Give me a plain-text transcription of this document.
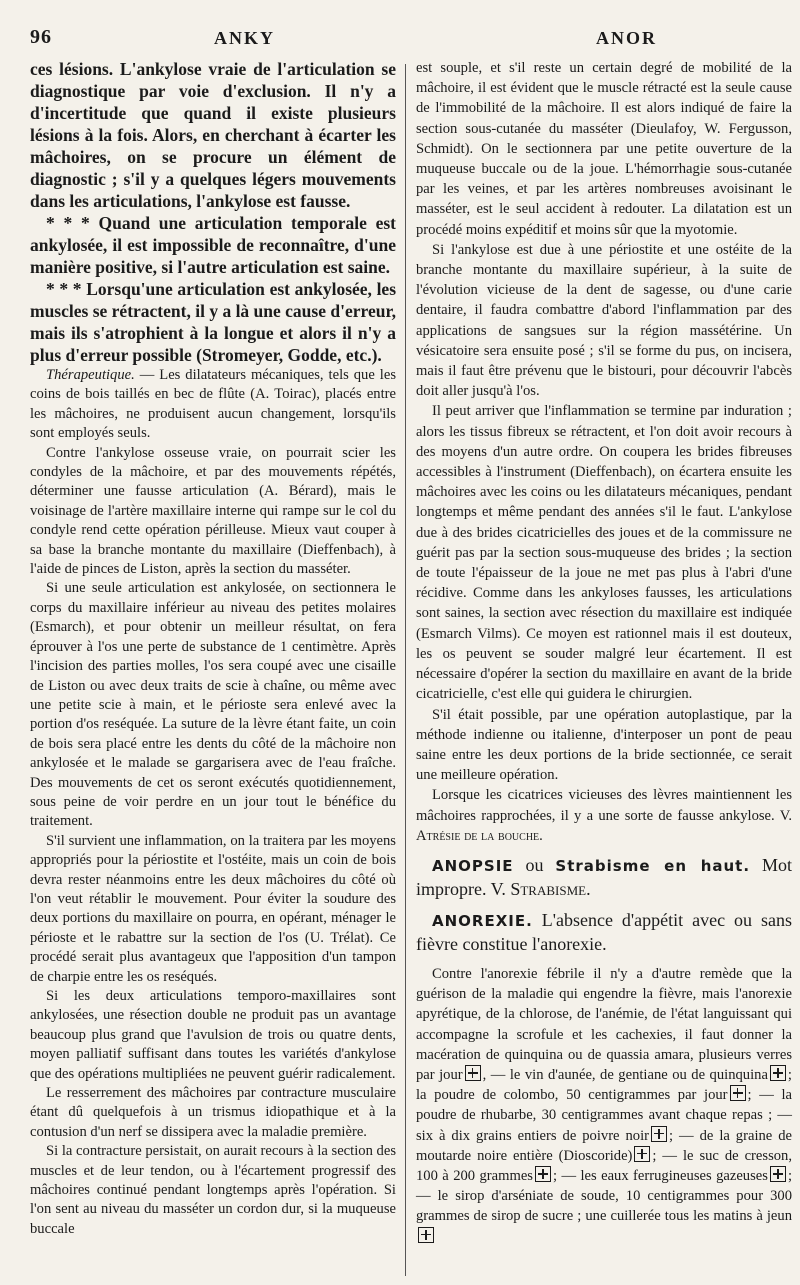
96	ANKY	ANOR

ces lésions. L'ankylose vraie de l'articulation se diagnostique par voie d'exclusion. Il n'y a d'incertitude que quand il existe plusieurs lésions à la fois. Alors, en cherchant à écarter les mâchoires, on se procure un élément de diagnostic ; s'il y a quelques légers mouvements dans les articulations, l'ankylose est fausse.

* * * Quand une articulation temporale est ankylosée, il est impossible de reconnaître, d'une manière positive, si l'autre articulation est saine.

* * * Lorsqu'une articulation est ankylosée, les muscles se rétractent, il y a là une cause d'erreur, mais ils s'atrophient à la longue et alors il n'y a plus d'erreur possible (Stromeyer, Godde, etc.).

Thérapeutique. — Les dilatateurs mécaniques, tels que les coins de bois taillés en bec de flûte (A. Toirac), placés entre les mâchoires, ne produisent aucun changement, lorsqu'ils sont employés seuls.

Contre l'ankylose osseuse vraie, on pourrait scier les condyles de la mâchoire, et par des mouvements répétés, déterminer une fausse articulation (A. Bérard), mais le voisinage de l'artère maxillaire interne qui rampe sur le col du condyle rend cette opération périlleuse. Mieux vaut couper à sa base la branche montante du maxillaire (Dieffenbach), à l'aide de pinces de Liston, après la section du masséter.

Si une seule articulation est ankylosée, on sectionnera le corps du maxillaire inférieur au niveau des petites molaires (Esmarch), et pour obtenir un meilleur résultat, on fera éprouver à l'os une perte de substance de 1 centimètre. Après l'incision des parties molles, l'os sera coupé avec une cisaille de Liston ou avec deux traits de scie à chaîne, ou même avec une petite scie à main, et le périoste sera enlevé avec la portion d'os reséquée. La suture de la lèvre étant faite, un coin de bois sera placé entre les dents du côté de la mâchoire non ankylosée et le malade se gargarisera avec de l'eau fraîche. Des mouvements de cet os seront exécutés quotidiennement, sous peine de voir perdre en un jour tout le bénéfice du traitement.

S'il survient une inflammation, on la traitera par les moyens appropriés pour la périostite et l'ostéite, mais un coin de bois devra rester néanmoins entre les deux mâchoires du côté où l'on veut rétablir le mouvement. Pour éviter la soudure des deux portions du maxillaire on pourra, en opérant, ménager le périoste et le rabattre sur la section de l'os (U. Trélat). Ce procédé serait plus avantageux que l'apposition d'un tampon de charpie entre les os reséqués.

Si les deux articulations temporo-maxillaires sont ankylosées, une résection double ne produit pas un avantage beaucoup plus grand que l'avulsion de trois ou quatre dents, moyen palliatif suffisant dans toutes les variétés d'ankylose que des opérations multipliées ne peuvent guérir radicalement.

Le resserrement des mâchoires par contracture musculaire étant dû quelquefois à un trismus idiopathique et à la contusion d'un nerf se dissipera avec la maladie première.

Si la contracture persistait, on aurait recours à la section des muscles et de leur tendon, ou à l'écartement progressif des mâchoires continué pendant longtemps après l'opération. Si l'on sent au niveau du masséter un cordon dur, si la muqueuse buccale

est souple, et s'il reste un certain degré de mobilité de la mâchoire, il est évident que le muscle rétracté est la seule cause de l'immobilité de la mâchoire. Il est alors indiqué de faire la section sous-cutanée du masséter (Dieulafoy, W. Fergusson, Schmidt). On le sectionnera par une petite ouverture de la muqueuse buccale ou de la joue. L'hémorrhagie sous-cutanée par les veines, et par les artères nombreuses avoisinant le masséter, est le seul accident à redouter. La dilatation est un procédé moins expéditif et moins sûr que la myotomie.

Si l'ankylose est due à une périostite et une ostéite de la branche montante du maxillaire supérieur, à la suite de l'évolution vicieuse de la dent de sagesse, ou d'une carie dentaire, il faudra combattre d'abord l'inflammation par des applications de sangsues sur la région massétérine. Un vésicatoire sera ensuite posé ; s'il se forme du pus, on incisera, mais il faut être prévenu que le bistouri, pour découvrir l'abcès doit aller jusqu'à l'os.

Il peut arriver que l'inflammation se termine par induration ; alors les tissus fibreux se rétractent, et l'on doit avoir recours à des moyens d'un autre ordre. On coupera les brides fibreuses accessibles à l'instrument (Dieffenbach), on écartera ensuite les mâchoires avec les coins ou les dilatateurs mécaniques, pendant longtemps et même pendant des années s'il le faut. L'ankylose due à des brides cicatricielles des joues et de la commissure ne guérit pas par la section sous-muqueuse des brides ; la section de toute l'épaisseur de la joue ne met pas plus à l'abri d'une récidive. Comme dans les ankyloses fausses, les articulations sont saines, la section avec résection du maxillaire est indiquée (Esmarch Vilms). Ce moyen est rationnel mais il est douteux, les os peuvent se souder malgré leur écartement. Il est nécessaire d'opérer la section du maxillaire en avant de la bride cicatricielle, c'est elle qui guidera le chirurgien.

S'il était possible, par une opération autoplastique, par la méthode indienne ou italienne, d'interposer un pont de peau saine entre les deux portions de la bride sectionnée, ce serait une meilleure opération.

Lorsque les cicatrices vicieuses des lèvres maintiennent les mâchoires rapprochées, il y a une sorte de fausse ankylose. V. Atrésie de la bouche.

ANOPSIE ou Strabisme en haut. Mot impropre. V. Strabisme.

ANOREXIE. L'absence d'appétit avec ou sans fièvre constitue l'anorexie.

Contre l'anorexie fébrile il n'y a d'autre remède que la guérison de la maladie qui engendre la fièvre, mais l'anorexie apyrétique, de la chlorose, de l'anémie, de l'état languissant qui accompagne la scrofule et les cachexies, il faut donner la macération de quinquina ou de quassia amara, plusieurs verres par jour , — le vin d'aunée, de gentiane ou de quinquina ; la poudre de colombo, 50 centigrammes par jour ; — la poudre de rhubarbe, 30 centigrammes avant chaque repas ; — six à dix grains entiers de poivre noir ; — de la graine de moutarde noire entière (Dioscoride) ; — le suc de cresson, 100 à 200 grammes ; — les eaux ferrugineuses gazeuses ; — le sirop d'arséniate de soude, 10 centigrammes pour 300 grammes de sirop de sucre ; une cuillerée tous les matins à jeun
